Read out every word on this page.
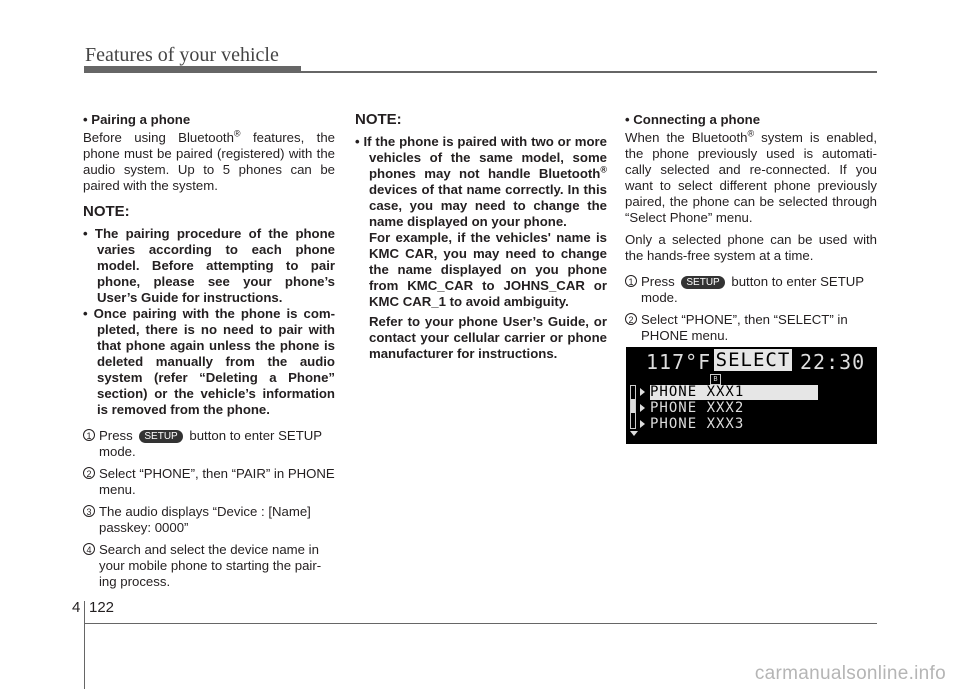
Features of your vehicle
• Pairing a phone

Before using Bluetooth® features, the phone must be paired (registered) with the audio system. Up to 5 phones can be paired with the system.

NOTE:
• The pairing procedure of the phone varies according to each phone model. Before attempting to pair phone, please see your phone’s User’s Guide for instructions.
• Once pairing with the phone is com-pleted, there is no need to pair with that phone again unless the phone is deleted manually from the audio system (refer “Deleting a Phone” section) or the vehicle’s information is removed from the phone.
1 Press SETUP button to enter SETUP mode.
2 Select “PHONE”, then “PAIR” in PHONE menu.
3 The audio displays “Device : [Name] passkey: 0000”
4 Search and select the device name in your mobile phone to starting the pair-ing process.
NOTE:
• If the phone is paired with two or more vehicles of the same model, some phones may not handle Bluetooth® devices of that name correctly. In this case, you may need to change the name displayed on your phone.
For example, if the vehicles' name is KMC CAR, you may need to change the name displayed on you phone from KMC_CAR to JOHNS_CAR or KMC CAR_1 to avoid ambiguity.
Refer to your phone User’s Guide, or contact your cellular carrier or phone manufacturer for instructions.
• Connecting a phone

When the Bluetooth® system is enabled, the phone previously used is automati-cally selected and re-connected. If you want to select different phone previously paired, the phone can be selected through “Select Phone” menu.

Only a selected phone can be used with the hands-free system at a time.

1 Press SETUP button to enter SETUP mode.
2 Select “PHONE”, then “SELECT” in PHONE menu.
117°F SELECT 22:30
B
PHONE XXX1
PHONE XXX2
PHONE XXX3
4 122
carmanualsonline.info
